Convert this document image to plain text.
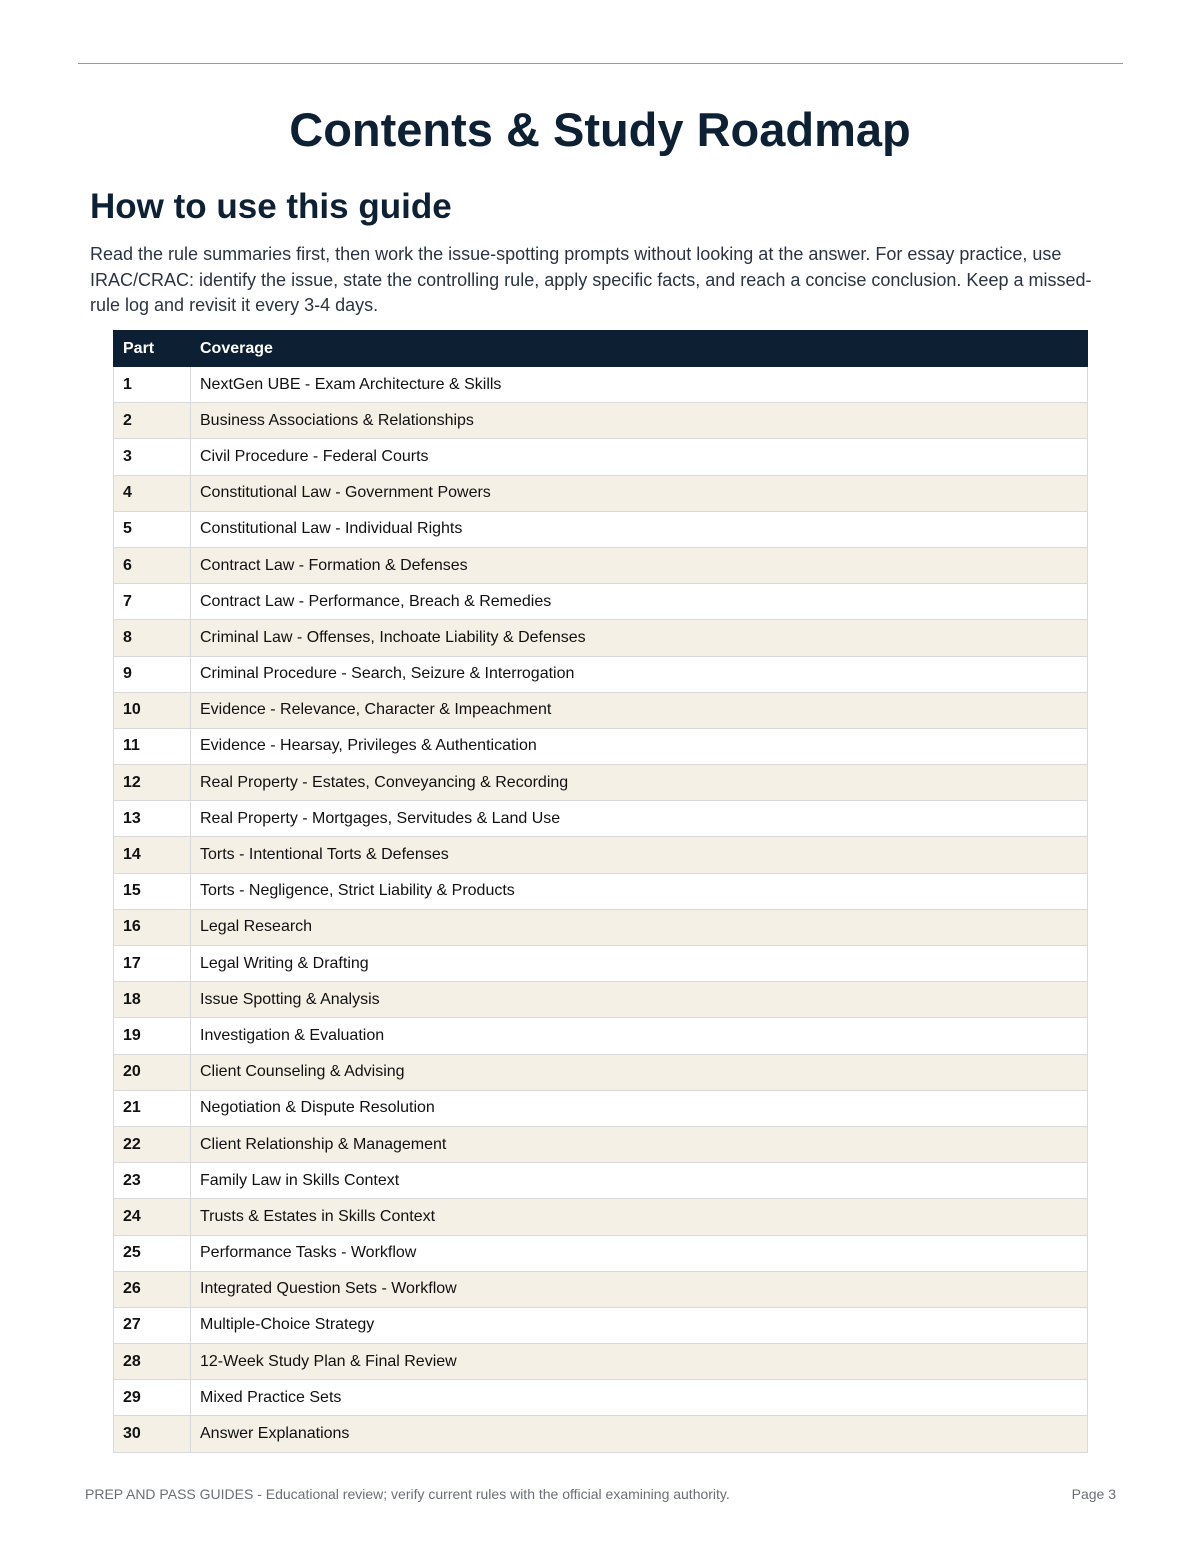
Contents & Study Roadmap
How to use this guide

Read the rule summaries first, then work the issue-spotting prompts without looking at the answer. For essay practice, use IRAC/CRAC: identify the issue, state the controlling rule, apply specific facts, and reach a concise conclusion. Keep a missed-rule log and revisit it every 3-4 days.

Part	Coverage
1	NextGen UBE - Exam Architecture & Skills
2	Business Associations & Relationships
3	Civil Procedure - Federal Courts
4	Constitutional Law - Government Powers
5	Constitutional Law - Individual Rights
6	Contract Law - Formation & Defenses
7	Contract Law - Performance, Breach & Remedies
8	Criminal Law - Offenses, Inchoate Liability & Defenses
9	Criminal Procedure - Search, Seizure & Interrogation
10	Evidence - Relevance, Character & Impeachment
11	Evidence - Hearsay, Privileges & Authentication
12	Real Property - Estates, Conveyancing & Recording
13	Real Property - Mortgages, Servitudes & Land Use
14	Torts - Intentional Torts & Defenses
15	Torts - Negligence, Strict Liability & Products
16	Legal Research
17	Legal Writing & Drafting
18	Issue Spotting & Analysis
19	Investigation & Evaluation
20	Client Counseling & Advising
21	Negotiation & Dispute Resolution
22	Client Relationship & Management
23	Family Law in Skills Context
24	Trusts & Estates in Skills Context
25	Performance Tasks - Workflow
26	Integrated Question Sets - Workflow
27	Multiple-Choice Strategy
28	12-Week Study Plan & Final Review
29	Mixed Practice Sets
30	Answer Explanations
PREP AND PASS GUIDES - Educational review; verify current rules with the official examining authority.	Page 3
